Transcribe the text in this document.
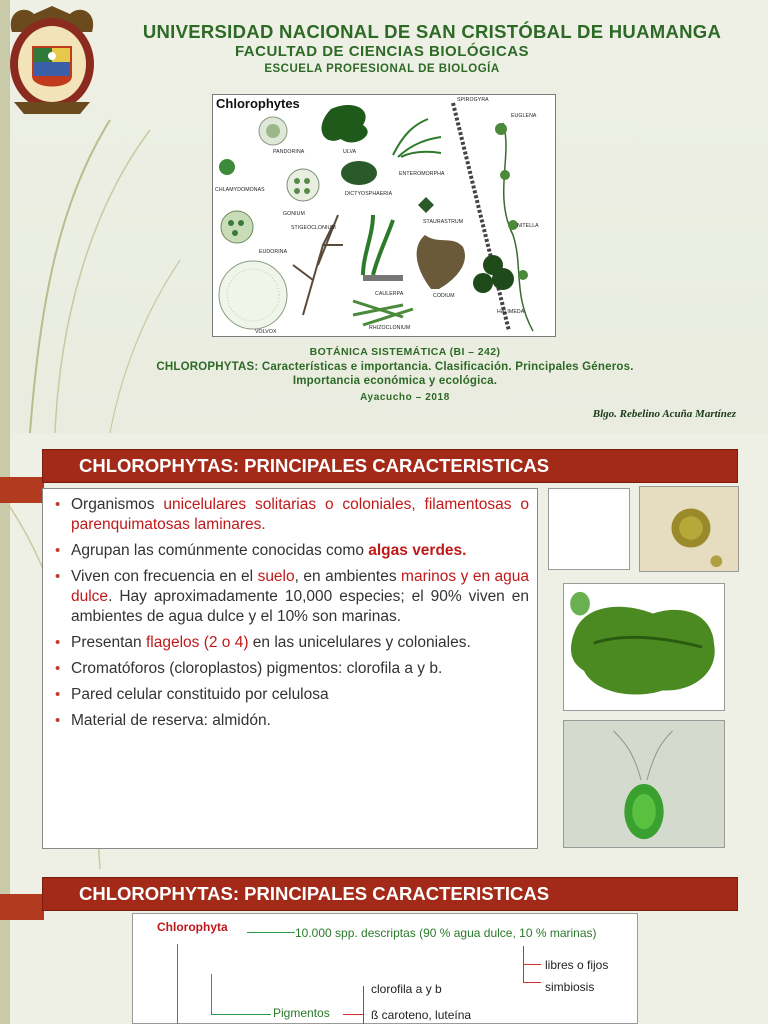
UNIVERSIDAD NACIONAL DE SAN CRISTÓBAL DE HUAMANGA
FACULTAD DE CIENCIAS BIOLÓGICAS
ESCUELA PROFESIONAL DE BIOLOGÍA
Chlorophytes	SPIROGYRA
EUGLENA
PANDORINA	ULVA
CHLAMYDOMONAS
ENTEROMORPHA
DICTYOSPHAERIA
GONIUM
STAURASTRUM
NITELLA
STIGEOCLONIUM
EUDORINA
CAULERPA	CODIUM
HALIMEDA
VOLVOX
RHIZOCLONIUM
BOTÁNICA SISTEMÁTICA (BI – 242)
CHLOROPHYTAS: Características e importancia. Clasificación. Principales Géneros.
Importancia económica y ecológica.
Ayacucho – 2018
Blgo. Rebelino Acuña Martínez
CHLOROPHYTAS: PRINCIPALES CARACTERISTICAS
• Organismos unicelulares solitarias o coloniales, filamentosas o parenquimatosas laminares.
• Agrupan las comúnmente conocidas como algas verdes.
• Viven con frecuencia en el suelo, en ambientes marinos y en agua dulce. Hay aproximadamente 10,000 especies; el 90% viven en ambientes de agua dulce y el 10% son marinas.
• Presentan flagelos (2 o 4) en las unicelulares y coloniales.
• Cromatóforos (cloroplastos) pigmentos: clorofila a y b.
• Pared celular constituido por celulosa
• Material de reserva: almidón.
CHLOROPHYTAS: PRINCIPALES CARACTERISTICAS
Chlorophyta	10.000 spp. descriptas (90 % agua dulce, 10 % marinas)
libres o fijos
simbiosis
Pigmentos
clorofila a y b
ß caroteno, luteína
